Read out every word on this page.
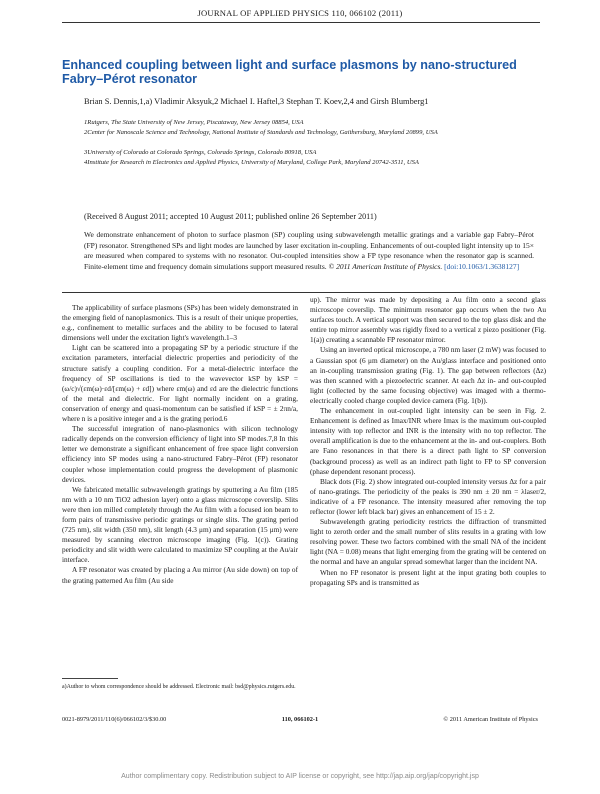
JOURNAL OF APPLIED PHYSICS 110, 066102 (2011)
Enhanced coupling between light and surface plasmons by nano-structured Fabry–Pérot resonator
Brian S. Dennis,1,a) Vladimir Aksyuk,2 Michael I. Haftel,3 Stephan T. Koev,2,4 and Girsh Blumberg1
1Rutgers, The State University of New Jersey, Piscataway, New Jersey 08854, USA
2Center for Nanoscale Science and Technology, National Institute of Standards and Technology, Gaithersburg, Maryland 20899, USA
3University of Colorado at Colorado Springs, Colorado Springs, Colorado 80918, USA
4Institute for Research in Electronics and Applied Physics, University of Maryland, College Park, Maryland 20742-3511, USA
(Received 8 August 2011; accepted 10 August 2011; published online 26 September 2011)
We demonstrate enhancement of photon to surface plasmon (SP) coupling using subwavelength metallic gratings and a variable gap Fabry–Pérot (FP) resonator. Strengthened SPs and light modes are launched by laser excitation in-coupling. Enhancements of out-coupled light intensity up to 15× are measured when compared to systems with no resonator. Out-coupled intensities show a FP type resonance when the resonator gap is scanned. Finite-element time and frequency domain simulations support measured results. © 2011 American Institute of Physics. [doi:10.1063/1.3638127]

The applicability of surface plasmons (SPs) has been widely demonstrated in the emerging field of nanoplasmonics. This is a result of their unique properties, e.g., confinement to metallic surfaces and the ability to be focused to lateral dimensions well under the excitation light's wavelength.1–3

Light can be scattered into a propagating SP by a periodic structure if the excitation parameters, interfacial dielectric properties and periodicity of the structure satisfy a coupling condition. For a metal-dielectric interface the frequency of SP oscillations is tied to the wavevector kSP by kSP = (ω/c)√(εm(ω)·εd/[εm(ω) + εd]) where εm(ω) and εd are the dielectric functions of the metal and dielectric. For light normally incident on a grating, conservation of energy and quasi-momentum can be satisfied if kSP = ± 2πn/a, where n is a positive integer and a is the grating period.6

The successful integration of nano-plasmonics with silicon technology radically depends on the conversion efficiency of light into SP modes.7,8 In this letter we demonstrate a significant enhancement of free space light conversion efficiency into SP modes using a nano-structured Fabry–Pérot (FP) resonator coupler whose implementation could progress the development of plasmonic devices.

We fabricated metallic subwavelength gratings by sputtering a Au film (185 nm with a 10 nm TiO2 adhesion layer) onto a glass microscope coverslip. Slits were then ion milled completely through the Au film with a focused ion beam to form pairs of transmissive periodic gratings or single slits. The grating period (725 nm), slit width (350 nm), slit length (4.3 μm) and separation (15 μm) were measured by scanning electron microscope imaging (Fig. 1(c)). Grating periodicity and slit width were calculated to maximize SP coupling at the Au/air interface.

A FP resonator was created by placing a Au mirror (Au side down) on top of the grating patterned Au film (Au side

up). The mirror was made by depositing a Au film onto a second glass microscope coverslip. The minimum resonator gap occurs when the two Au surfaces touch. A vertical support was then secured to the top glass disk and the entire top mirror assembly was rigidly fixed to a vertical z piezo positioner (Fig. 1(a)) creating a scannable FP resonator mirror.

Using an inverted optical microscope, a 780 nm laser (2 mW) was focused to a Gaussian spot (6 μm diameter) on the Au/glass interface and positioned onto an in-coupling transmission grating (Fig. 1). The gap between reflectors (Δz) was then scanned with a piezoelectric scanner. At each Δz in- and out-coupled light (collected by the same focusing objective) was imaged with a thermo-electrically cooled charge coupled device camera (Fig. 1(b)).

The enhancement in out-coupled light intensity can be seen in Fig. 2. Enhancement is defined as Imax/INR where Imax is the maximum out-coupled intensity with top reflector and INR is the intensity with no top reflector. The overall amplification is due to the enhancement at the in- and out-couplers. Both are Fano resonances in that there is a direct path light to SP conversion (background process) as well as an indirect path light to FP to SP conversion (phase dependent resonant process).

Black dots (Fig. 2) show integrated out-coupled intensity versus Δz for a pair of nano-gratings. The periodicity of the peaks is 390 nm ± 20 nm = λlaser/2, indicative of a FP resonance. The intensity measured after removing the top reflector (lower left black bar) gives an enhancement of 15 ± 2.

Subwavelength grating periodicity restricts the diffraction of transmitted light to zeroth order and the small number of slits results in a grating with low resolving power. These two factors combined with the small NA of the incident light (NA = 0.08) means that light emerging from the grating will be centered on the normal and have an angular spread somewhat larger than the incident NA.

When no FP resonator is present light at the input grating both couples to propagating SPs and is transmitted as

a)Author to whom correspondence should be addressed. Electronic mail: bsd@physics.rutgers.edu.
0021-8979/2011/110(6)/066102/3/$30.00	110, 066102-1	© 2011 American Institute of Physics
Author complimentary copy. Redistribution subject to AIP license or copyright, see http://jap.aip.org/jap/copyright.jsp
